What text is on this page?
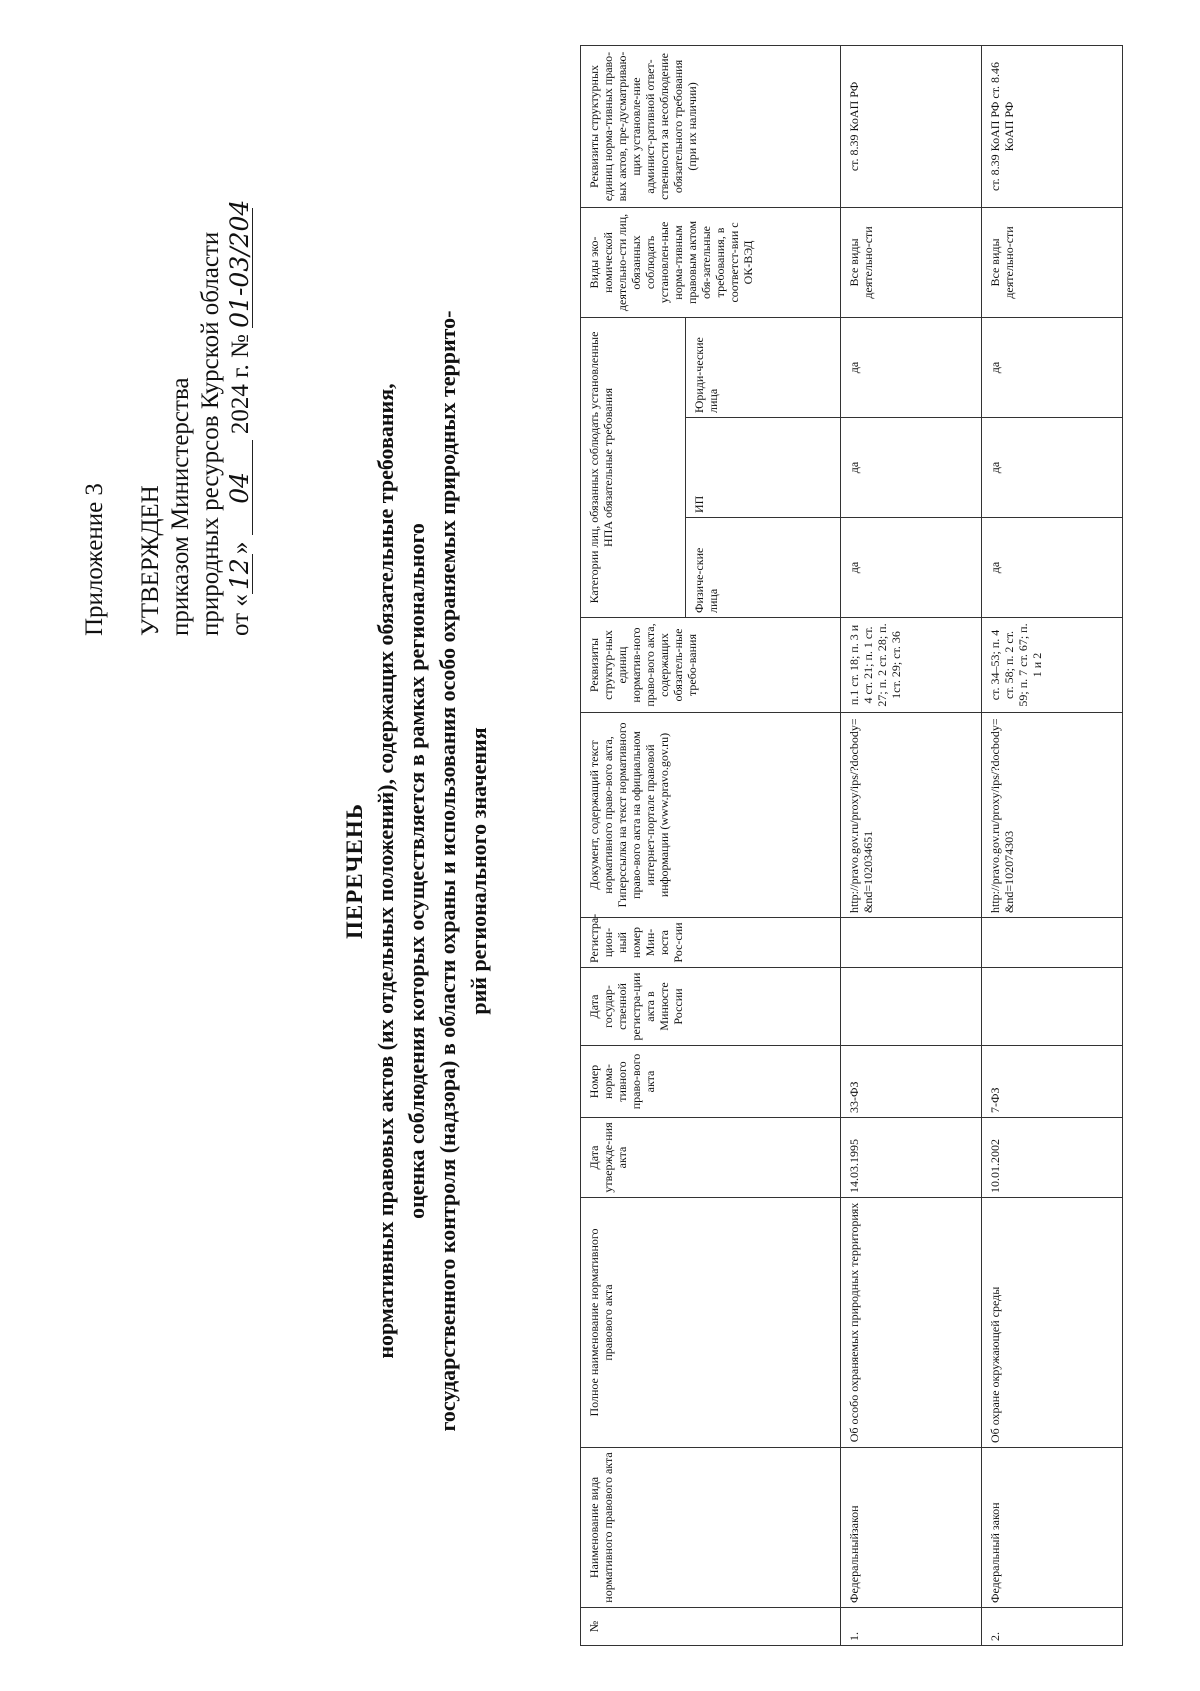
Приложение 3 УТВЕРЖДЕН приказом Министерства природных ресурсов Курской области от «12» 04 2024 г. № 01-03/204
ПЕРЕЧЕНЬ нормативных правовых актов (их отдельных положений), содержащих обязательные требования, оценка соблюдения которых осуществляется в рамках регионального государственного контроля (надзора) в области охраны и использования особо охраняемых природных террито- рий регионального значения
№	Наименование вида нормативного правового акта	Полное наименование нормативного правового акта	Дата утвержде-ния акта	Номер норма-тивного право-вого акта	Дата государ-ственной регистра-ции акта в Минюсте России	Регистра-цион-ный номер Мин-юста Рос-сии	Документ, содержащий текст нормативного право-вого акта, Гиперссылка на текст нормативного право-вого акта на официальном интернет-портале правовой информации (www.pravo.gov.ru)	Реквизиты структур-ных единиц норматив-ного право-вого акта, содержащих обязатель-ные требо-вания	Категории лиц, обязанных соблюдать установленные НПА обязательные требования			Виды эко-номической деятельно-сти лиц, обязанных соблюдать установлен-ные норма-тивным правовым актом обя-зательные требования, в соответст-вии с ОК-ВЭД	Реквизиты структурных единиц норма-тивных право-вых актов, пре-дусматриваю-щих установле-ние админист-ративной ответ-ственности за несоблюдение обязательного требования (при их наличии)
									Физиче-ские лица	ИП	Юриди-ческие лица		
1.	Федеральныйзакон	Об особо охраняемых природных территориях	14.03.1995	33-ФЗ			http://pravo.gov.ru/proxy/ips/?docbody=&nd=102034651	п.1 ст. 18; п. 3 и 4 ст. 21; п. 1 ст. 27; п. 2 ст. 28; п. 1ст. 29; ст. 36	да	да	да	Все виды деятельно-сти	ст. 8.39 КоАП РФ
2.	Федеральный закон	Об охране окружающей среды	10.01.2002	7-ФЗ			http://pravo.gov.ru/proxy/ips/?docbody=&nd=102074303	ст. 34–53; п. 4 ст. 58; п. 2 ст. 59; п. 7 ст. 67; п. 1 и 2	да	да	да	Все виды деятельно-сти	ст. 8.39 КоАП РФ ст. 8.46 КоАП РФ
